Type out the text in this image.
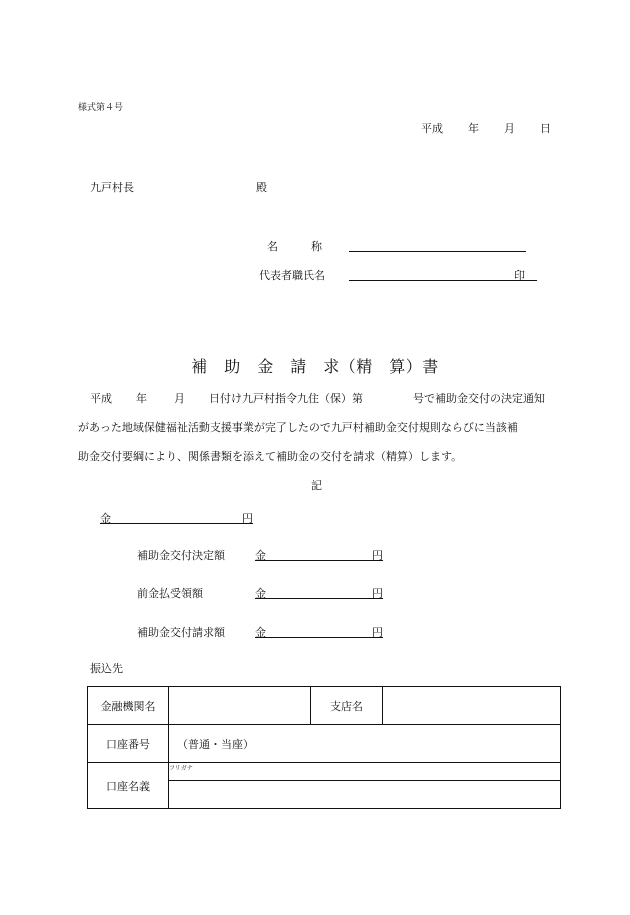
様式第４号
平成 年 月 日
九戸村長	殿
名　　　称
代表者職氏名	印
補　助　金　請　求（精　算）書
平成 年 月 日付け九戸村指令九住（保）第	号で補助金交付の決定通知
があった地域保健福祉活動支援事業が完了したので九戸村補助金交付規則ならびに当該補
助金交付要綱により、関係書類を添えて補助金の交付を請求（精算）します。
記
金	円
補助金交付決定額	金	円
前金払受領額	金	円
補助金交付請求額	金	円
振込先
金融機関名		支店名	
口座番号	（普通・当座）		
口座名義	フリガナ		
